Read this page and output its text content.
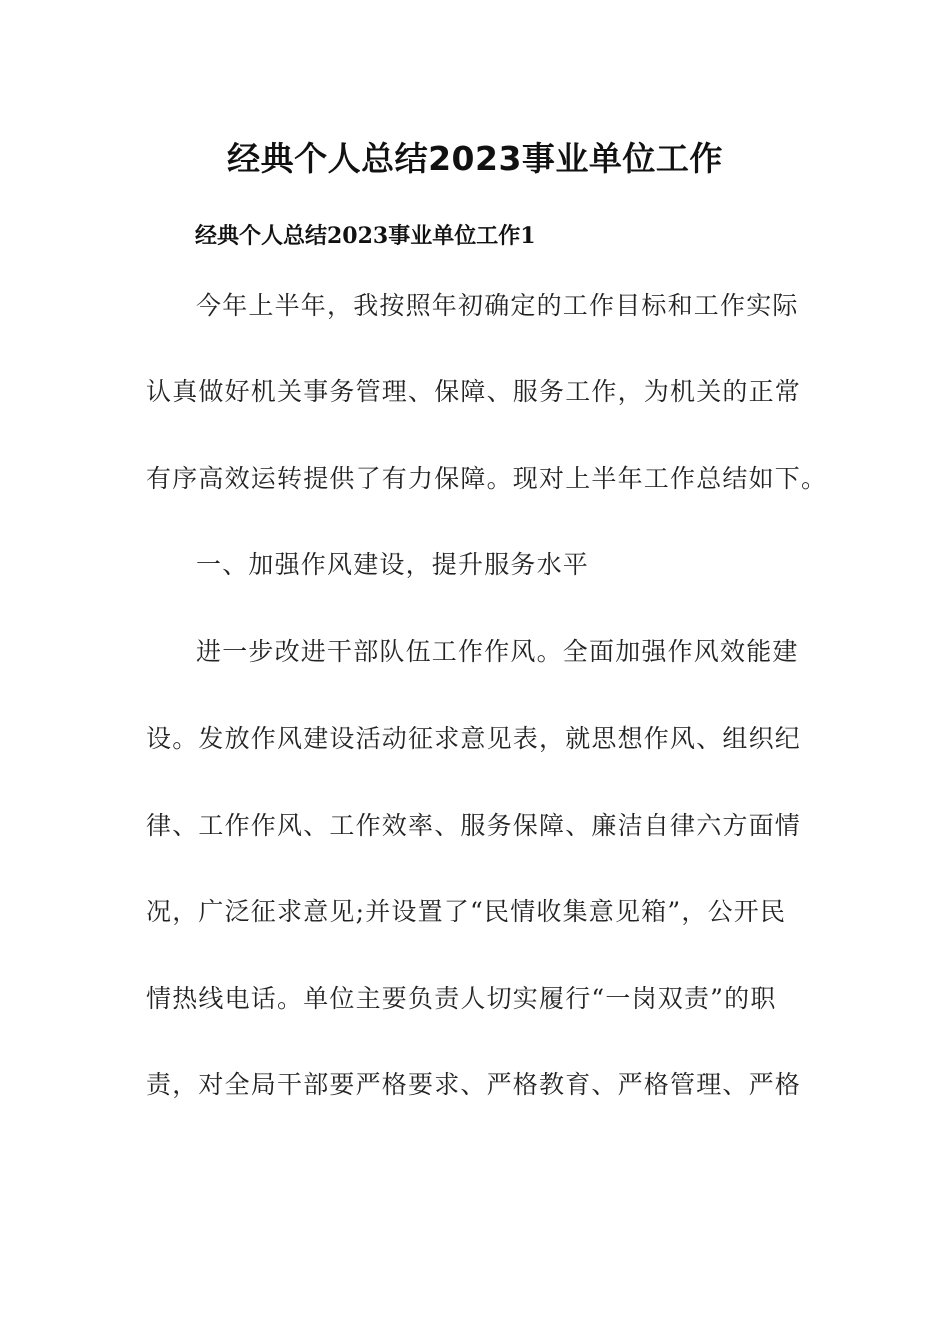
经典个人总结2023事业单位工作
经典个人总结2023事业单位工作1
今年上半年，我按照年初确定的工作目标和工作实际
认真做好机关事务管理、保障、服务工作，为机关的正常
有序高效运转提供了有力保障。现对上半年工作总结如下。
一、加强作风建设，提升服务水平
进一步改进干部队伍工作作风。全面加强作风效能建
设。发放作风建设活动征求意见表，就思想作风、组织纪
律、工作作风、工作效率、服务保障、廉洁自律六方面情
况，广泛征求意见;并设置了“民情收集意见箱”，公开民
情热线电话。单位主要负责人切实履行“一岗双责”的职
责，对全局干部要严格要求、严格教育、严格管理、严格
